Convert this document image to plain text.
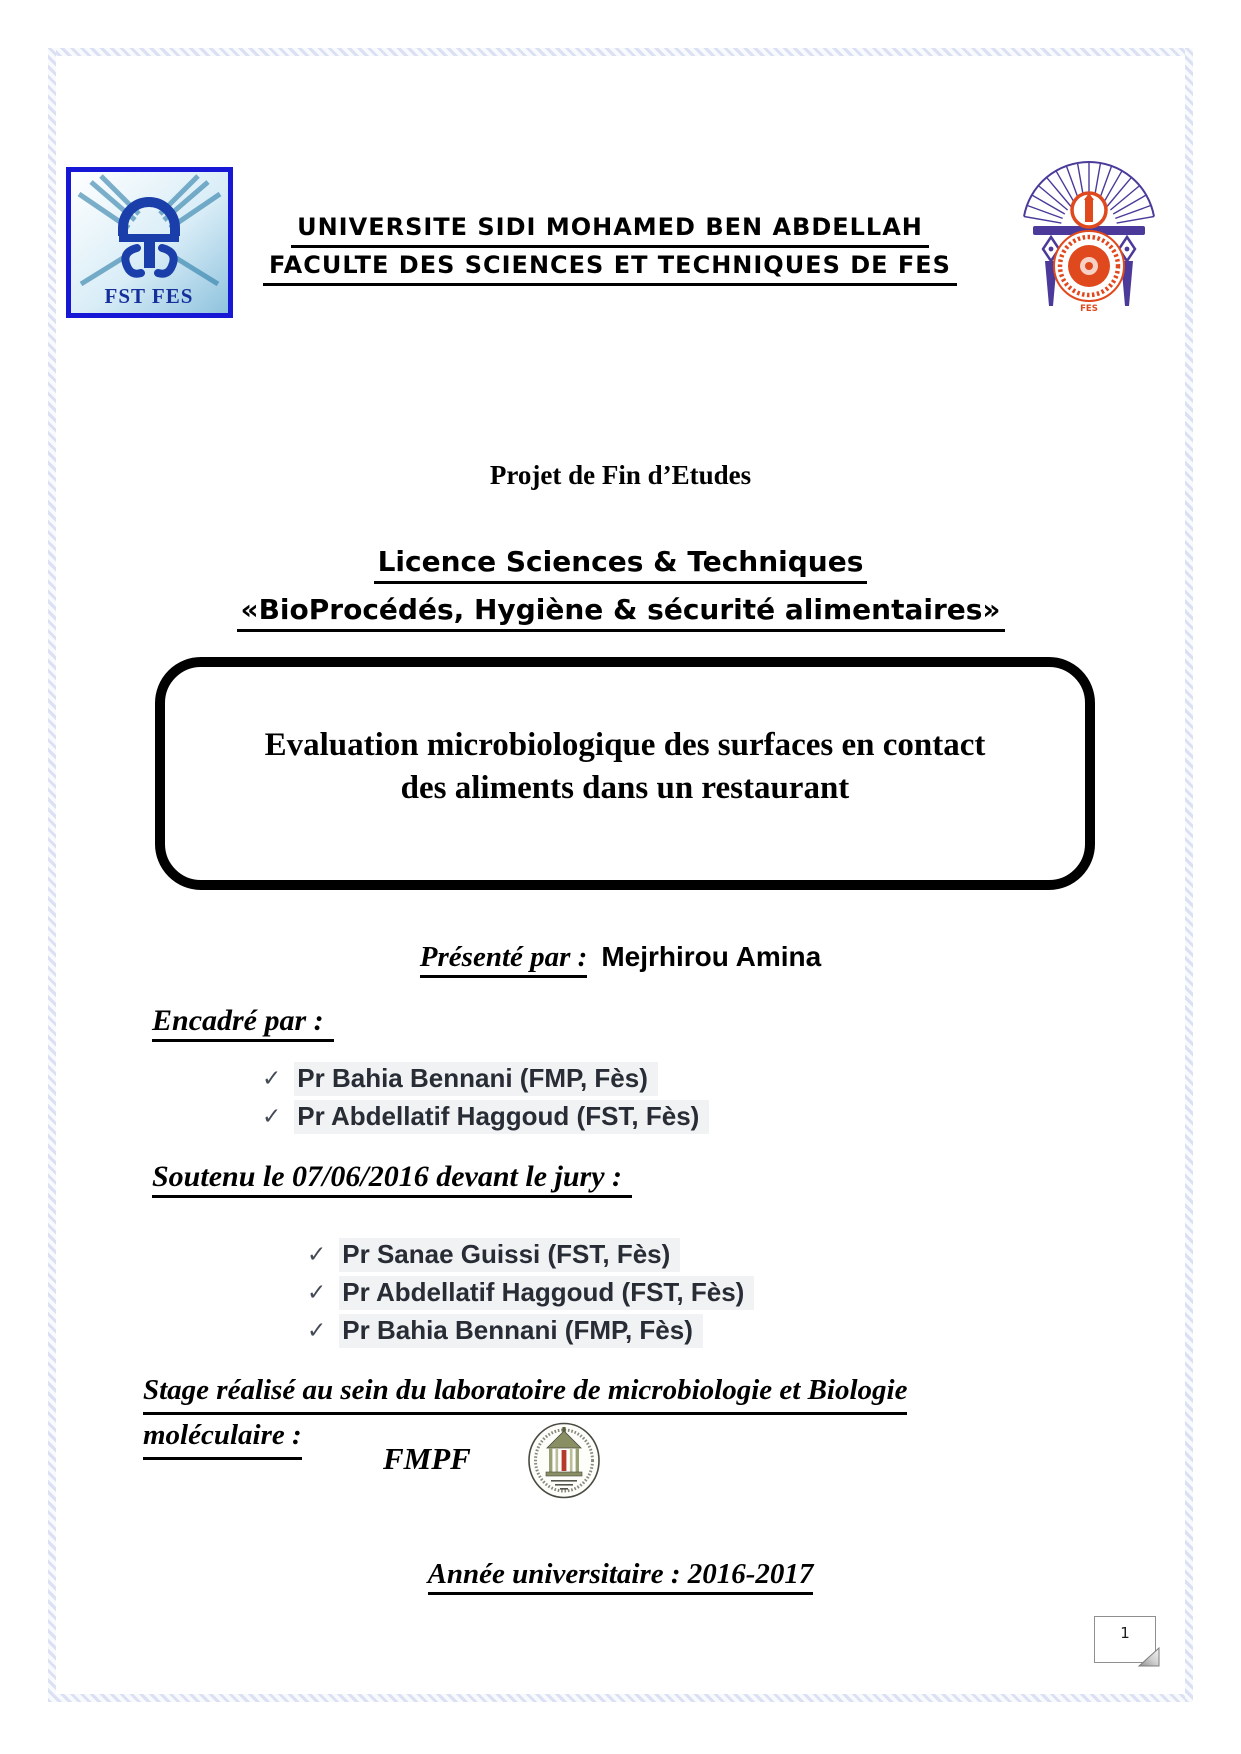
FST FES
UNIVERSITE SIDI MOHAMED BEN ABDELLAH
FACULTE DES SCIENCES ET TECHNIQUES DE FES
FES
Projet de Fin d’Etudes
Licence Sciences & Techniques
«BioProcédés, Hygiène & sécurité alimentaires»
Evaluation microbiologique des surfaces en contact
des aliments dans un restaurant
Présenté par : Mejrhirou Amina
Encadré par :
✓ Pr Bahia Bennani (FMP, Fès)
✓ Pr Abdellatif Haggoud (FST, Fès)
Soutenu le 07/06/2016 devant le jury :
✓ Pr Sanae Guissi (FST, Fès)
✓ Pr Abdellatif Haggoud (FST, Fès)
✓ Pr Bahia Bennani (FMP, Fès)
Stage réalisé au sein du laboratoire de microbiologie et Biologie
moléculaire :
FMPF
Année universitaire : 2016-2017
1
